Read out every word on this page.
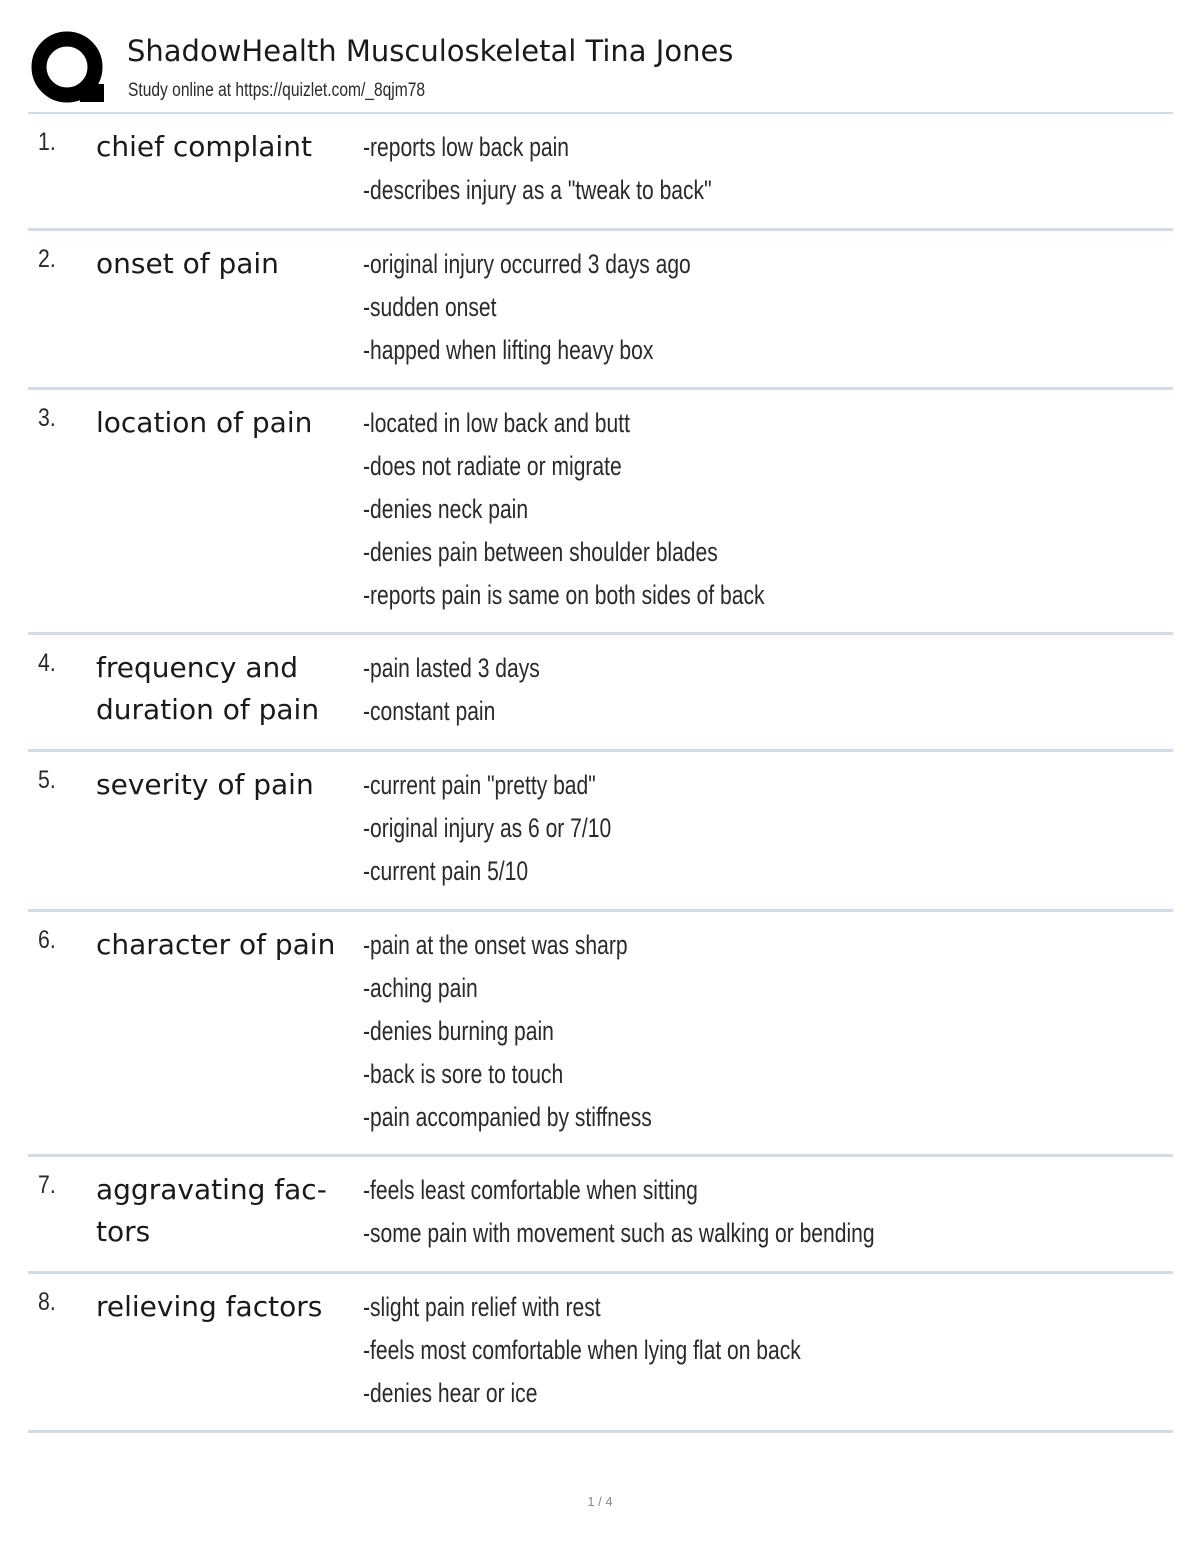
ShadowHealth Musculoskeletal Tina Jones
Study online at https://quizlet.com/_8qjm78
1. chief complaint	-reports low back pain
-describes injury as a "tweak to back"
2. onset of pain	-original injury occurred 3 days ago
-sudden onset
-happed when lifting heavy box
3. location of pain	-located in low back and butt
-does not radiate or migrate
-denies neck pain
-denies pain between shoulder blades
-reports pain is same on both sides of back
4. frequency and duration of pain
-pain lasted 3 days
-constant pain
5. severity of pain	-current pain "pretty bad"
-original injury as 6 or 7/10
-current pain 5/10
6. character of pain	-pain at the onset was sharp
-aching pain
-denies burning pain
-back is sore to touch
-pain accompanied by stiffness
7. aggravating fac- tors
-feels least comfortable when sitting
-some pain with movement such as walking or bending
8. relieving factors	-slight pain relief with rest
-feels most comfortable when lying flat on back
-denies hear or ice
1 / 4
